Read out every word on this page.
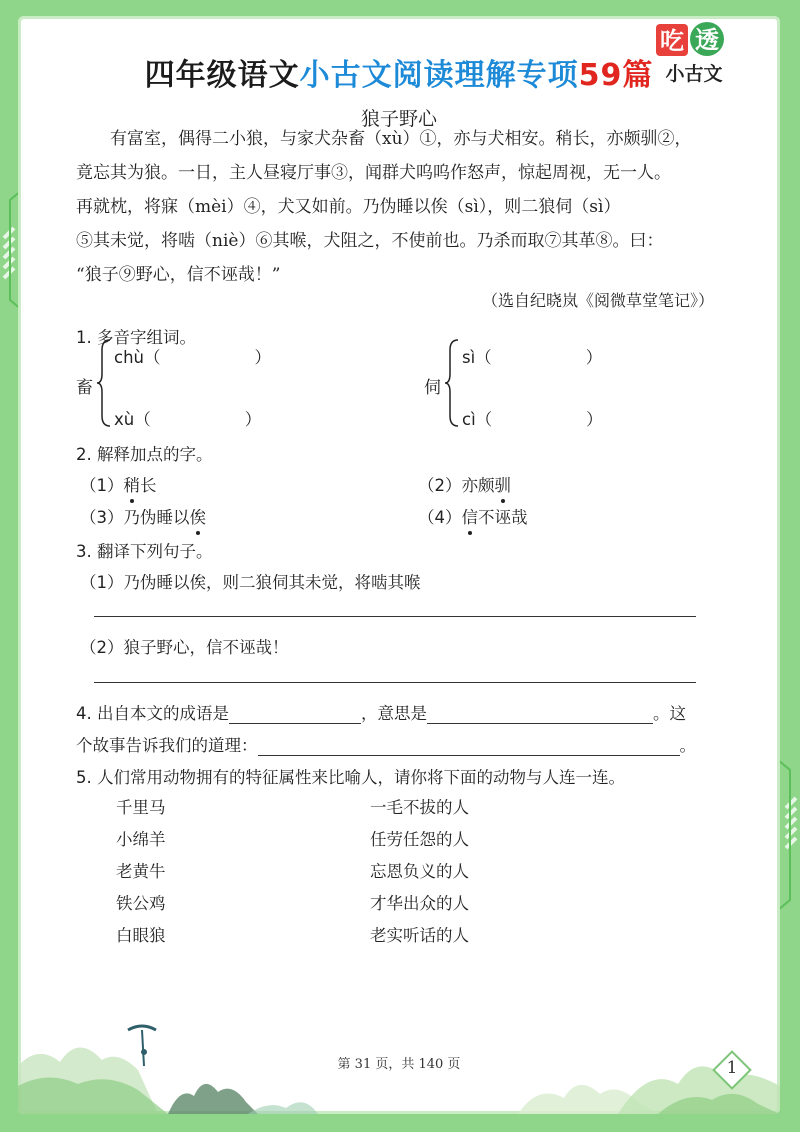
吃 透
小古文
四年级语文小古文阅读理解专项59篇
狼子野心
有富室，偶得二小狼，与家犬杂畜（xù）①，亦与犬相安。稍长，亦颇驯②，
竟忘其为狼。一日，主人昼寝厅事③，闻群犬呜呜作怒声，惊起周视，无一人。
再就枕，将寐（mèi）④，犬又如前。乃伪睡以俟（sì），则二狼伺（sì）
⑤其未觉，将啮（niè）⑥其喉，犬阻之，不使前也。乃杀而取⑦其革⑧。曰：
“狼子⑨野心，信不诬哉！”
（选自纪晓岚《阅微草堂笔记》）
1. 多音字组词。
畜
chù（	）
xù（	）
伺
sì（	）
cì（	）
2. 解释加点的字。
（1）稍长	（2）亦颇驯
（3）乃伪睡以俟	（4）信不诬哉
3. 翻译下列句子。
（1）乃伪睡以俟，则二狼伺其未觉，将啮其喉
（2）狼子野心，信不诬哉！
4. 出自本文的成语是	，意思是	。这
个故事告诉我们的道理：	。
5. 人们常用动物拥有的特征属性来比喻人，请你将下面的动物与人连一连。
千里马
小绵羊
老黄牛
铁公鸡
白眼狼
一毛不拔的人
任劳任怨的人
忘恩负义的人
才华出众的人
老实听话的人
第 31 页，共 140 页	1
